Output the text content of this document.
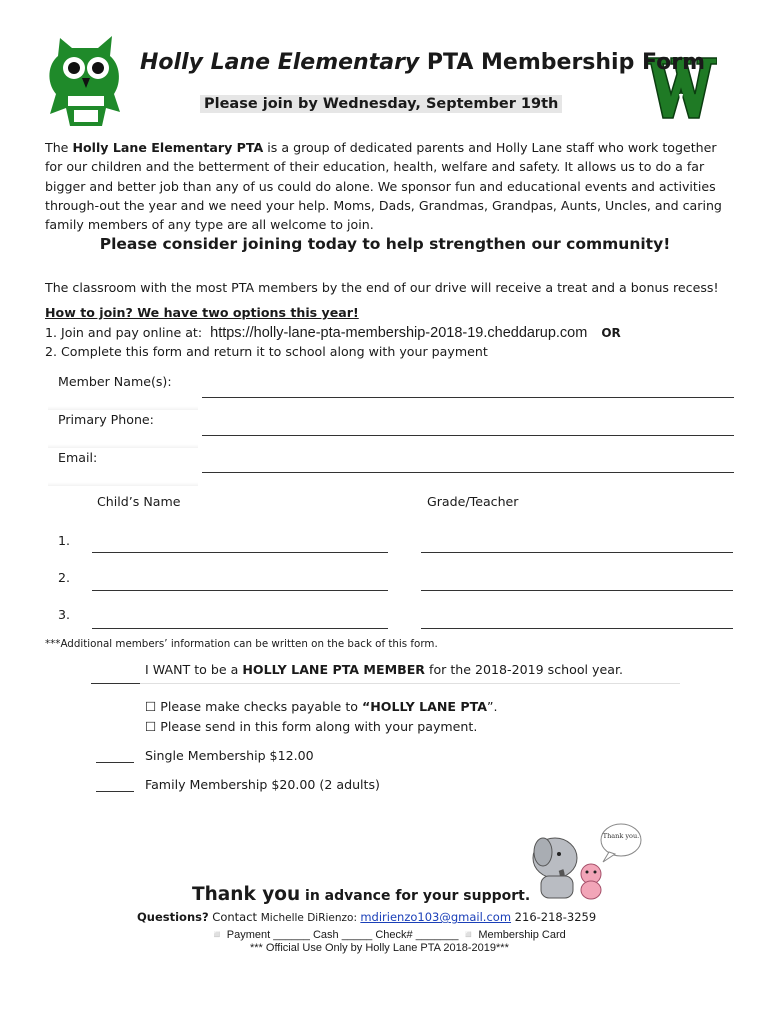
Holly Lane Elementary PTA Membership Form
Please join by Wednesday, September 19th
The Holly Lane Elementary PTA is a group of dedicated parents and Holly Lane staff who work together for our children and the betterment of their education, health, welfare and safety. It allows us to do a far bigger and better job than any of us could do alone. We sponsor fun and educational events and activities through-out the year and we need your help. Moms, Dads, Grandmas, Grandpas, Aunts, Uncles, and caring family members of any type are all welcome to join.
Please consider joining today to help strengthen our community!
The classroom with the most PTA members by the end of our drive will receive a treat and a bonus recess!
How to join? We have two options this year!
1. Join and pay online at: https://holly-lane-pta-membership-2018-19.cheddarup.com OR
2. Complete this form and return it to school along with your payment
Member Name(s):
Primary Phone:
Email:
Child’s Name	Grade/Teacher
1.
2.
3.
***Additional members’ information can be written on the back of this form.
I WANT to be a HOLLY LANE PTA MEMBER for the 2018-2019 school year.
☐ Please make checks payable to “HOLLY LANE PTA”.
☐ Please send in this form along with your payment.
Single Membership $12.00
Family Membership $20.00 (2 adults)
Thank you.
Thank you in advance for your support.
Questions? Contact Michelle DiRienzo: mdirienzo103@gmail.com 216-218-3259
◽ Payment ______ Cash _____ Check# _______ ◽ Membership Card
*** Official Use Only by Holly Lane PTA 2018-2019***
